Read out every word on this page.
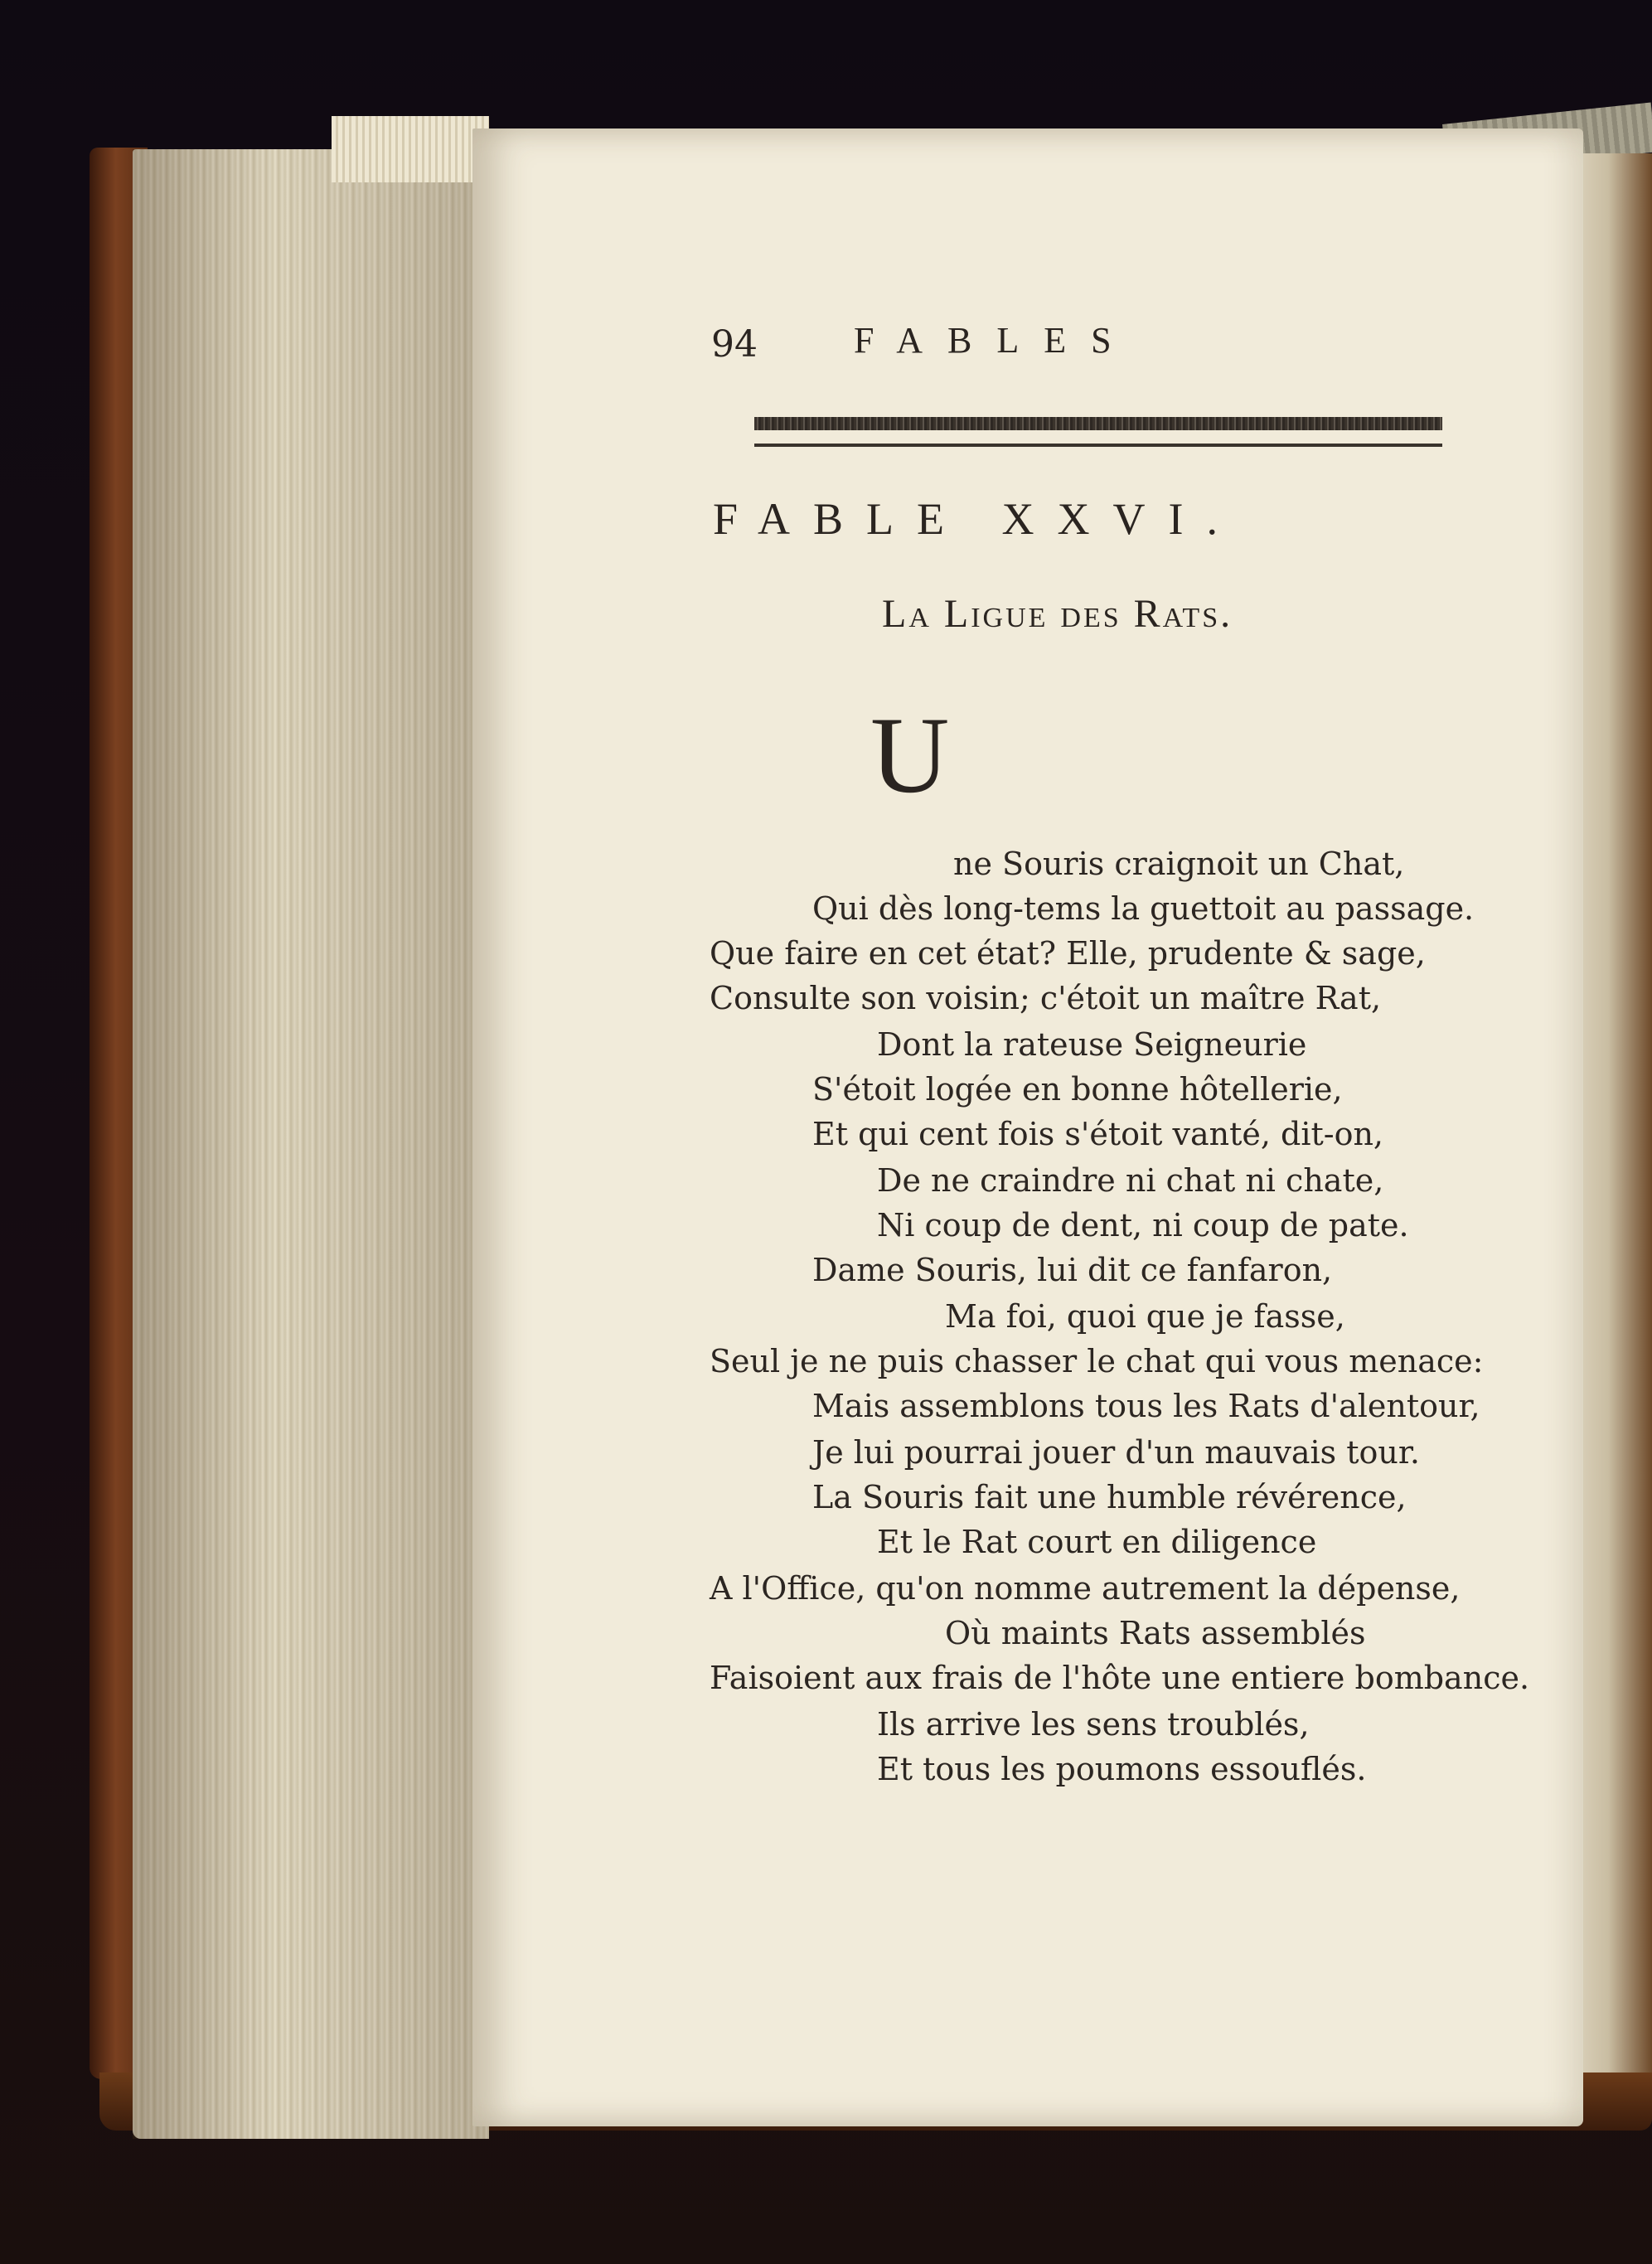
94	FABLES
FABLE XXVI.
La Ligue des Rats.
U
ne Souris craignoit un Chat,
Qui dès long-tems la guettoit au passage.
Que faire en cet état? Elle, prudente & sage,
Consulte son voisin; c'étoit un maître Rat,
Dont la rateuse Seigneurie
S'étoit logée en bonne hôtellerie,
Et qui cent fois s'étoit vanté, dit-on,
De ne craindre ni chat ni chate,
Ni coup de dent, ni coup de pate.
Dame Souris, lui dit ce fanfaron,
Ma foi, quoi que je fasse,
Seul je ne puis chasser le chat qui vous menace:
Mais assemblons tous les Rats d'alentour,
Je lui pourrai jouer d'un mauvais tour.
La Souris fait une humble révérence,
Et le Rat court en diligence
A l'Office, qu'on nomme autrement la dépense,
Où maints Rats assemblés
Faisoient aux frais de l'hôte une entiere bombance.
Ils arrive les sens troublés,
Et tous les poumons essouflés.
